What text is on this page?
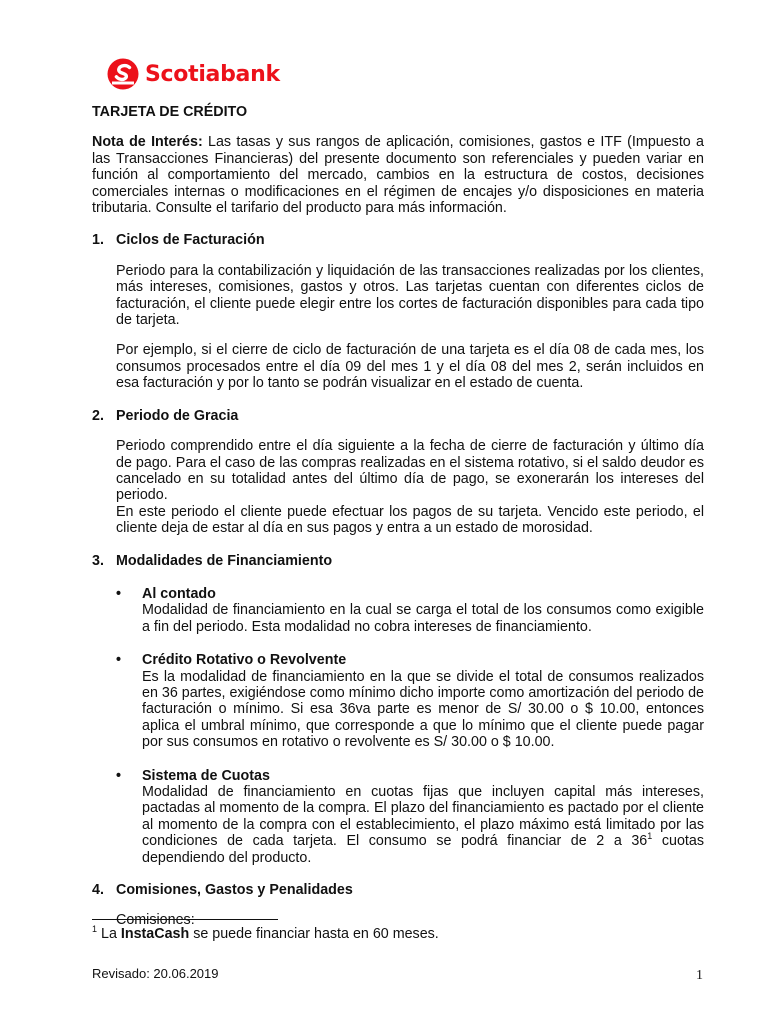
Scotiabank

TARJETA DE CRÉDITO

Nota de Interés: Las tasas y sus rangos de aplicación, comisiones, gastos e ITF (Impuesto a las Transacciones Financieras) del presente documento son referenciales y pueden variar en función al comportamiento del mercado, cambios en la estructura de costos, decisiones comerciales internas o modificaciones en el régimen de encajes y/o disposiciones en materia tributaria. Consulte el tarifario del producto para más información.

1. Ciclos de Facturación

Periodo para la contabilización y liquidación de las transacciones realizadas por los clientes, más intereses, comisiones, gastos y otros. Las tarjetas cuentan con diferentes ciclos de facturación, el cliente puede elegir entre los cortes de facturación disponibles para cada tipo de tarjeta.

Por ejemplo, si el cierre de ciclo de facturación de una tarjeta es el día 08 de cada mes, los consumos procesados entre el día 09 del mes 1 y el día 08 del mes 2, serán incluidos en esa facturación y por lo tanto se podrán visualizar en el estado de cuenta.

2. Periodo de Gracia

Periodo comprendido entre el día siguiente a la fecha de cierre de facturación y último día de pago. Para el caso de las compras realizadas en el sistema rotativo, si el saldo deudor es cancelado en su totalidad antes del último día de pago, se exonerarán los intereses del periodo.

En este periodo el cliente puede efectuar los pagos de su tarjeta. Vencido este periodo, el cliente deja de estar al día en sus pagos y entra a un estado de morosidad.

3. Modalidades de Financiamiento
•	Al contado

Modalidad de financiamiento en la cual se carga el total de los consumos como exigible a fin del periodo. Esta modalidad no cobra intereses de financiamiento.

•	Crédito Rotativo o Revolvente

Es la modalidad de financiamiento en la que se divide el total de consumos realizados en 36 partes, exigiéndose como mínimo dicho importe como amortización del periodo de facturación o mínimo. Si esa 36va parte es menor de S/ 30.00 o $ 10.00, entonces aplica el umbral mínimo, que corresponde a que lo mínimo que el cliente puede pagar por sus consumos en rotativo o revolvente es S/ 30.00 o $ 10.00.

•	Sistema de Cuotas

Modalidad de financiamiento en cuotas fijas que incluyen capital más intereses, pactadas al momento de la compra. El plazo del financiamiento es pactado por el cliente al momento de la compra con el establecimiento, el plazo máximo está limitado por las condiciones de cada tarjeta. El consumo se podrá financiar de 2 a $36^1$ cuotas dependiendo del producto.

4. Comisiones, Gastos y Penalidades

Comisiones:

$^1$ La InstaCash se puede financiar hasta en 60 meses.

Revisado: 20.06.2019	1
